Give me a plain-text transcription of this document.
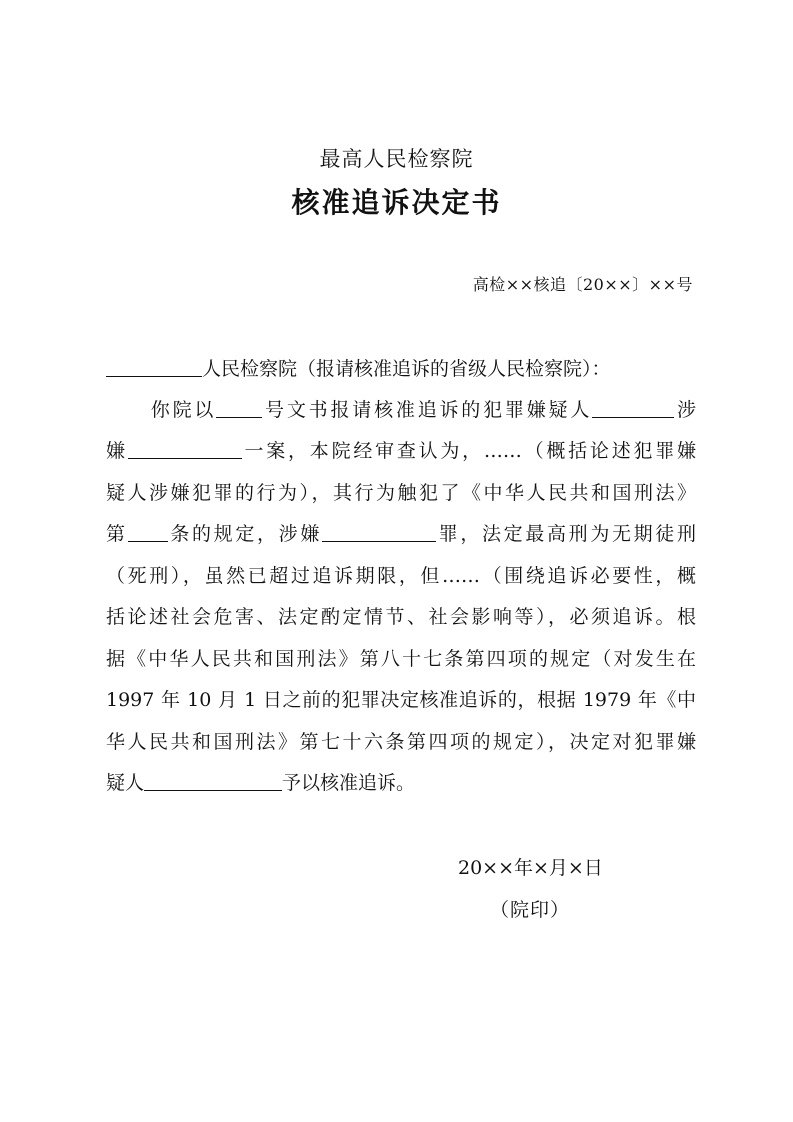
最高人民检察院
核准追诉决定书
高检××核追〔20××〕××号
人民检察院（报请核准追诉的省级人民检察院）：
你院以 号文书报请核准追诉的犯罪嫌疑人	涉
嫌	一案，本院经审查认为，……（概括论述犯罪嫌
疑人涉嫌犯罪的行为），其行为触犯了《中华人民共和国刑法》
第 条的规定，涉嫌	罪，法定最高刑为无期徒刑
（死刑），虽然已超过追诉期限，但……（围绕追诉必要性，概
括论述社会危害、法定酌定情节、社会影响等），必须追诉。根
据《中华人民共和国刑法》第八十七条第四项的规定（对发生在
1997 年 10 月 1 日之前的犯罪决定核准追诉的，根据 1979 年《中
华人民共和国刑法》第七十六条第四项的规定），决定对犯罪嫌
疑人	予以核准追诉。
20××年×月×日
（院印）
